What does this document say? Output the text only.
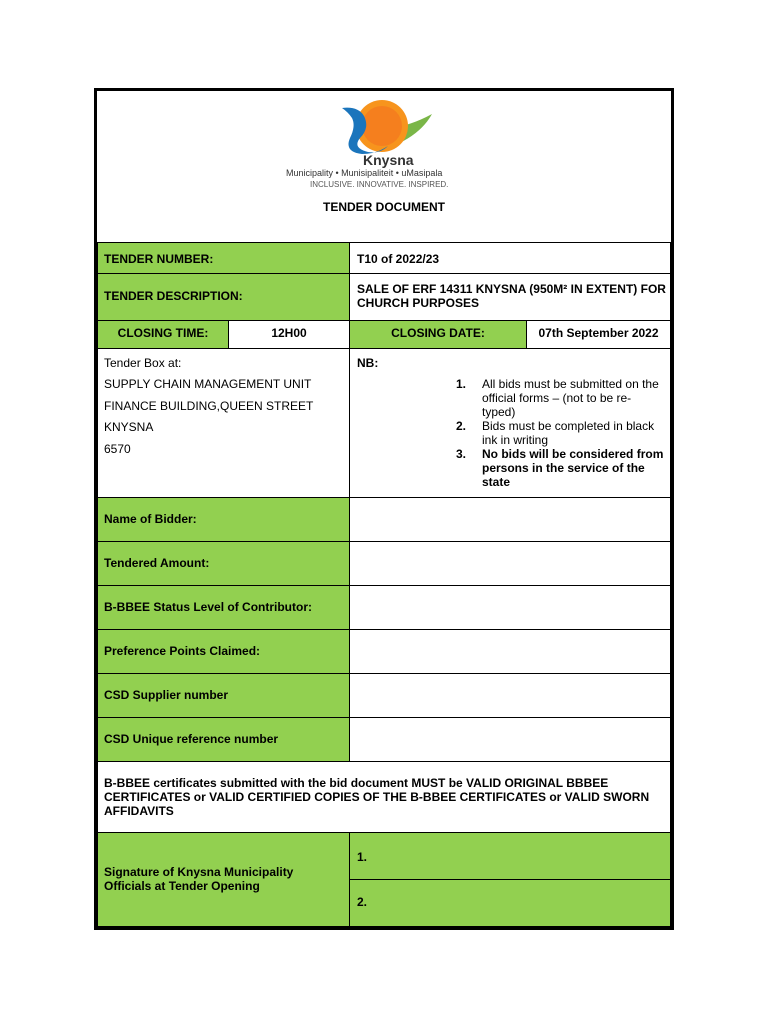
Knysna
Municipality • Munisipaliteit • uMasipala
INCLUSIVE. INNOVATIVE. INSPIRED.
TENDER DOCUMENT
TENDER NUMBER:	T10 of 2022/23
TENDER DESCRIPTION:	SALE OF ERF 14311 KNYSNA (950M² IN EXTENT) FOR CHURCH PURPOSES
CLOSING TIME:	12H00	CLOSING DATE:	07th September 2022
Tender Box at:
SUPPLY CHAIN MANAGEMENT UNIT
FINANCE BUILDING,QUEEN STREET
KNYSNA
6570
NB:
1. All bids must be submitted on the official forms – (not to be re-typed)
2. Bids must be completed in black ink in writing
3. No bids will be considered from persons in the service of the state
Name of Bidder:
Tendered Amount:
B-BBEE Status Level of Contributor:
Preference Points Claimed:
CSD Supplier number
CSD Unique reference number
B-BBEE certificates submitted with the bid document MUST be VALID ORIGINAL BBBEE CERTIFICATES or VALID CERTIFIED COPIES OF THE B-BBEE CERTIFICATES or VALID SWORN AFFIDAVITS
Signature of Knysna Municipality Officials at Tender Opening
1.
2.
